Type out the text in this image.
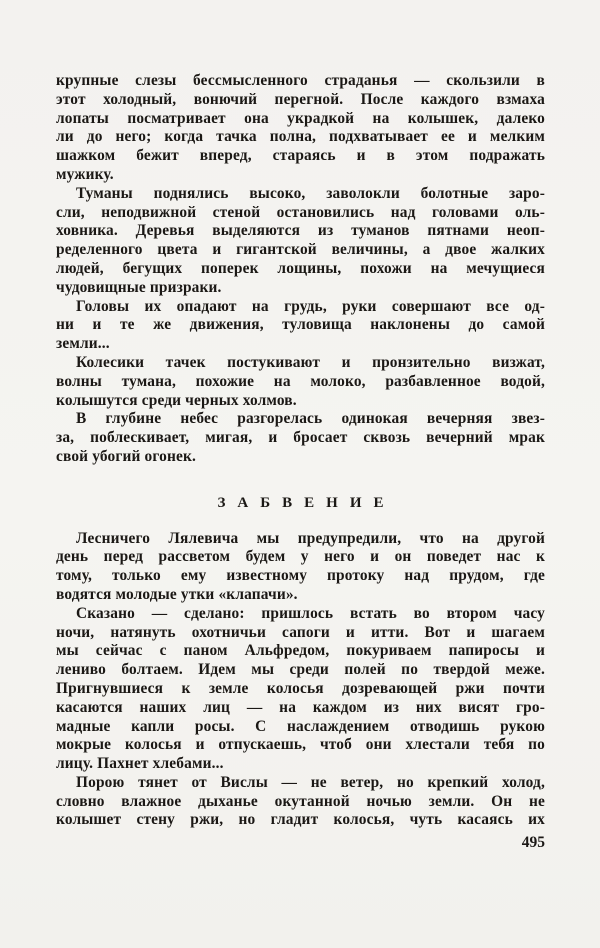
крупные слезы бессмысленного страданья — скользили в
этот холодный, вонючий перегной. После каждого взмаха
лопаты посматривает она украдкой на колышек, далеко
ли до него; когда тачка полна, подхватывает ее и мелким
шажком бежит вперед, стараясь и в этом подражать
мужику.
Туманы поднялись высоко, заволокли болотные заро-
сли, неподвижной стеной остановились над головами оль-
ховника. Деревья выделяются из туманов пятнами неоп-
ределенного цвета и гигантской величины, а двое жалких
людей, бегущих поперек лощины, похожи на мечущиеся
чудовищные призраки.
Головы их опадают на грудь, руки совершают все од-
ни и те же движения, туловища наклонены до самой
земли...
Колесики тачек постукивают и пронзительно визжат,
волны тумана, похожие на молоко, разбавленное водой,
колышутся среди черных холмов.
В глубине небес разгорелась одинокая вечерняя звез-
за, поблескивает, мигая, и бросает сквозь вечерний мрак
свой убогий огонек.
ЗАБВЕНИЕ
Лесничего Лялевича мы предупредили, что на другой
день перед рассветом будем у него и он поведет нас к
тому, только ему известному протоку над прудом, где
водятся молодые утки «клапачи».
Сказано — сделано: пришлось встать во втором часу
ночи, натянуть охотничьи сапоги и итти. Вот и шагаем
мы сейчас с паном Альфредом, покуриваем папиросы и
лениво болтаем. Идем мы среди полей по твердой меже.
Пригнувшиеся к земле колосья дозревающей ржи почти
касаются наших лиц — на каждом из них висят гро-
мадные капли росы. С наслаждением отводишь рукою
мокрые колосья и отпускаешь, чтоб они хлестали тебя по
лицу. Пахнет хлебами...
Порою тянет от Вислы — не ветер, но крепкий холод,
словно влажное дыханье окутанной ночью земли. Он не
колышет стену ржи, но гладит колосья, чуть касаясь их
495
